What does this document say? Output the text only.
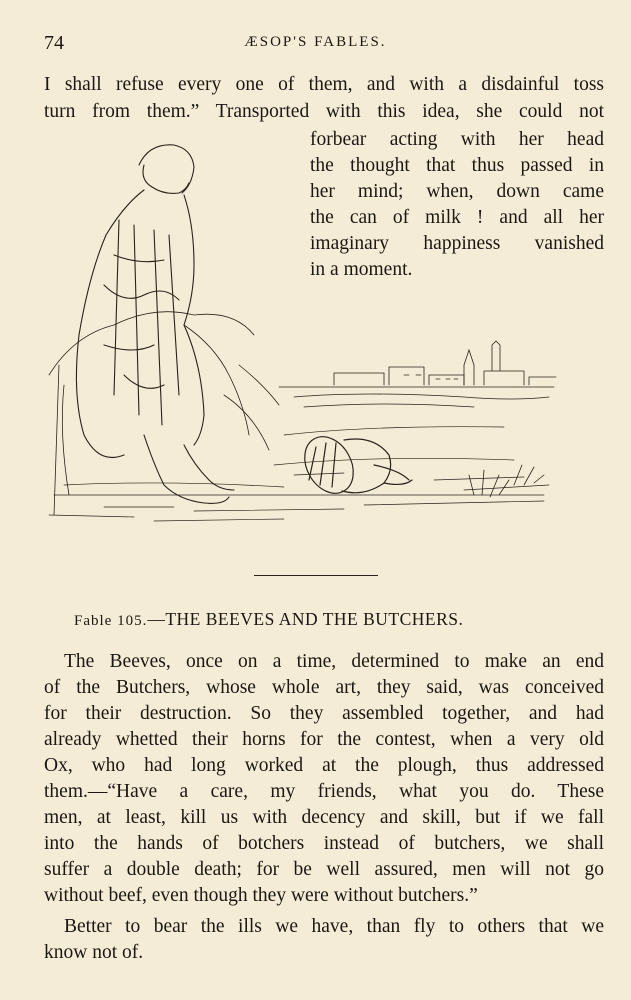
74	ÆSOP'S FABLES.
I shall refuse every one of them, and with a disdainful toss
turn from them.” Transported with this idea, she could not
forbear acting with her head
the thought that thus passed in
her mind; when, down came
the can of milk ! and all her
imaginary happiness vanished
in a moment.
Fable 105.—THE BEEVES AND THE BUTCHERS.
The Beeves, once on a time, determined to make an end
of the Butchers, whose whole art, they said, was conceived
for their destruction. So they assembled together, and had
already whetted their horns for the contest, when a very old
Ox, who had long worked at the plough, thus addressed
them.—“Have a care, my friends, what you do. These
men, at least, kill us with decency and skill, but if we fall
into the hands of botchers instead of butchers, we shall
suffer a double death; for be well assured, men will not go
without beef, even though they were without butchers.”
Better to bear the ills we have, than fly to others that we
know not of.
